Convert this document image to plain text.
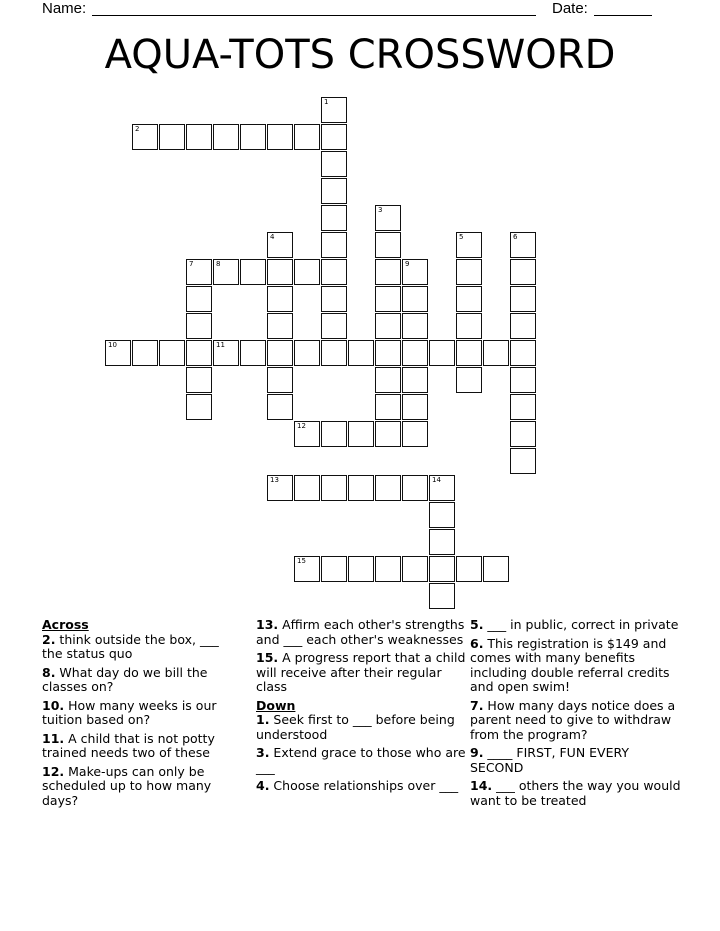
Name:	Date:
AQUA-TOTS CROSSWORD
1
2
3
4	5	6
7	8	9
10	11
12
13	14
15
Across
2. think outside the box, ___ the status quo
8. What day do we bill the classes on?
10. How many weeks is our tuition based on?
11. A child that is not potty trained needs two of these
12. Make-ups can only be scheduled up to how many days?
13. Affirm each other's strengths and ___ each other's weaknesses
15. A progress report that a child will receive after their regular class
Down
1. Seek first to ___ before being understood
3. Extend grace to those who are ___
4. Choose relationships over ___
5. ___ in public, correct in private
6. This registration is $149 and comes with many benefits including double referral credits and open swim!
7. How many days notice does a parent need to give to withdraw from the program?
9. ____ FIRST, FUN EVERY SECOND
14. ___ others the way you would want to be treated
